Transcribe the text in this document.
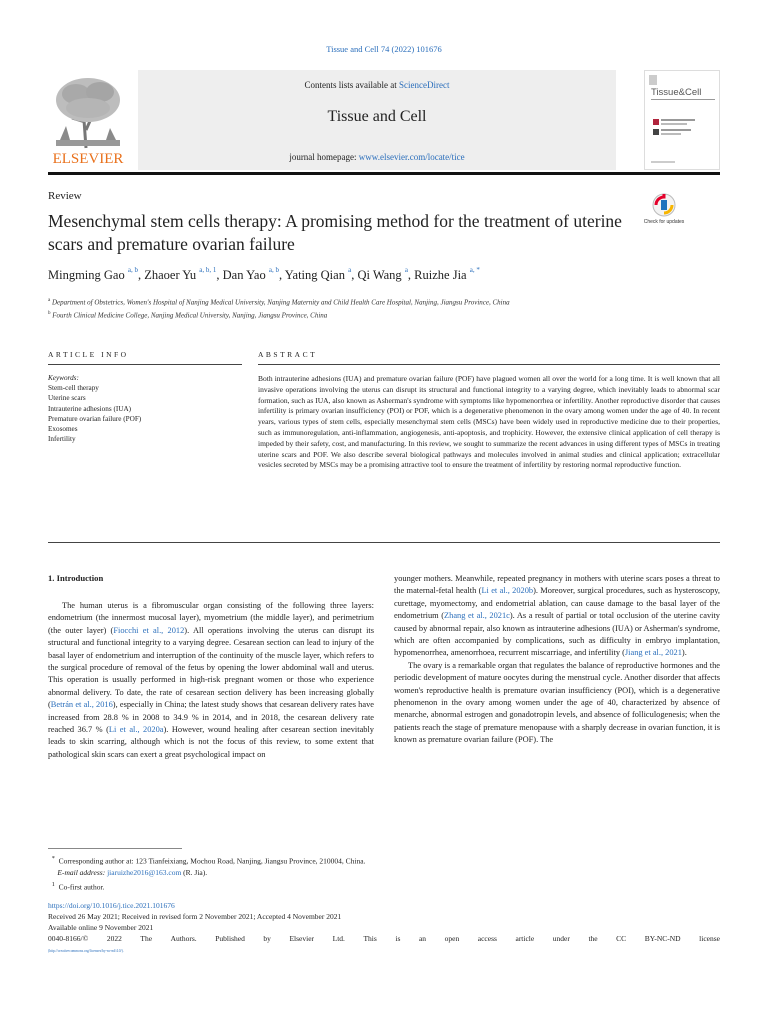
Tissue and Cell 74 (2022) 101676
ELSEVIER
Contents lists available at ScienceDirect
Tissue and Cell
journal homepage: www.elsevier.com/locate/tice
Tissue&Cell
Review
Mesenchymal stem cells therapy: A promising method for the treatment of uterine scars and premature ovarian failure
Check for updates
Mingming Gao $^{a, b}$, Zhaoer Yu $^{a, b, 1}$, Dan Yao $^{a, b}$, Yating Qian $^a$, Qi Wang $^a$, Ruizhe Jia $^{a, *}$
$^a$ Department of Obstetrics, Women's Hospital of Nanjing Medical University, Nanjing Maternity and Child Health Care Hospital, Nanjing, Jiangsu Province, China
$^b$ Fourth Clinical Medicine College, Nanjing Medical University, Nanjing, Jiangsu Province, China
ARTICLE INFO	ABSTRACT
Keywords:
Stem-cell therapy
Uterine scars
Intrauterine adhesions (IUA)
Premature ovarian failure (POF)
Exosomes
Infertility
Both intrauterine adhesions (IUA) and premature ovarian failure (POF) have plagued women all over the world for a long time. It is well known that all invasive operations involving the uterus can disrupt its structural and functional integrity to a varying degree, which inevitably leads to abnormal scar formation, such as IUA, also known as Asherman's syndrome with symptoms like hypomenorrhea or infertility. Another reproductive disorder that causes infertility is primary ovarian insufficiency (POI) or POF, which is a degenerative phenomenon in the ovary among women under the age of 40. In recent years, various types of stem cells, especially mesenchymal stem cells (MSCs) have been widely used in reproductive medicine due to their properties, such as immunoregulation, anti-inflammation, angiogenesis, anti-apoptosis, and trophicity. However, the extensive clinical application of cell therapy is impeded by their safety, cost, and manufacturing. In this review, we sought to summarize the recent advances in using different types of MSCs in treating uterine scars and POF. We also describe several biological pathways and molecules involved in animal studies and clinical application; extracellular vesicles secreted by MSCs may be a promising attractive tool to ensure the treatment of infertility by restoring normal reproductive function.
1. Introduction

The human uterus is a fibromuscular organ consisting of the following three layers: endometrium (the innermost mucosal layer), myometrium (the middle layer), and perimetrium (the outer layer) (Fiocchi et al., 2012). All operations involving the uterus can disrupt its structural and functional integrity to a varying degree. Cesarean section can lead to injury of the basal layer of endometrium and interruption of the continuity of the muscle layer, which refers to the surgical procedure of removal of the fetus by opening the lower abdominal wall and uterus. This operation is usually performed in high-risk pregnant women or those who experience abnormal delivery. To date, the rate of cesarean section delivery has been increasing globally (Betrán et al., 2016), especially in China; the latest study shows that cesarean delivery rates have increased from 28.8 % in 2008 to 34.9 % in 2014, and in 2018, the cesarean delivery rate reached 36.7 % (Li et al., 2020a). However, wound healing after cesarean section inevitably leads to skin scarring, although which is not the focus of this review, to some extent that pathological skin scars can exert a great psychological impact on

younger mothers. Meanwhile, repeated pregnancy in mothers with uterine scars poses a threat to the maternal-fetal health (Li et al., 2020b). Moreover, surgical procedures, such as hysteroscopy, curettage, myomectomy, and endometrial ablation, can cause damage to the basal layer of the endometrium (Zhang et al., 2021c). As a result of partial or total occlusion of the uterine cavity caused by abnormal repair, also known as intrauterine adhesions (IUA) or Asherman's syndrome, which are often accompanied by complications, such as difficulty in embryo implantation, hypomenorrhea, amenorrhoea, recurrent miscarriage, and infertility (Jiang et al., 2021).

The ovary is a remarkable organ that regulates the balance of reproductive hormones and the periodic development of mature oocytes during the menstrual cycle. Another disorder that affects women's reproductive health is premature ovarian insufficiency (POI), which is a degenerative phenomenon in the ovary among women under the age of 40, characterized by absence of menarche, abnormal estrogen and gonadotropin levels, and absence of folliculogenesis; when the patients reach the stage of premature menopause with a sharply decrease in ovarian function, it is known as premature ovarian failure (POF). The

* Corresponding author at: 123 Tianfeixiang, Mochou Road, Nanjing, Jiangsu Province, 210004, China.
E-mail address: jiaruizhe2016@163.com (R. Jia).
$^1$ Co-first author.
https://doi.org/10.1016/j.tice.2021.101676
Received 26 May 2021; Received in revised form 2 November 2021; Accepted 4 November 2021
Available online 9 November 2021
0040-8166/© 2022 The Authors. Published by Elsevier Ltd. This is an open access article under the CC BY-NC-ND license
(http://creativecommons.org/licenses/by-nc-nd/4.0/).
